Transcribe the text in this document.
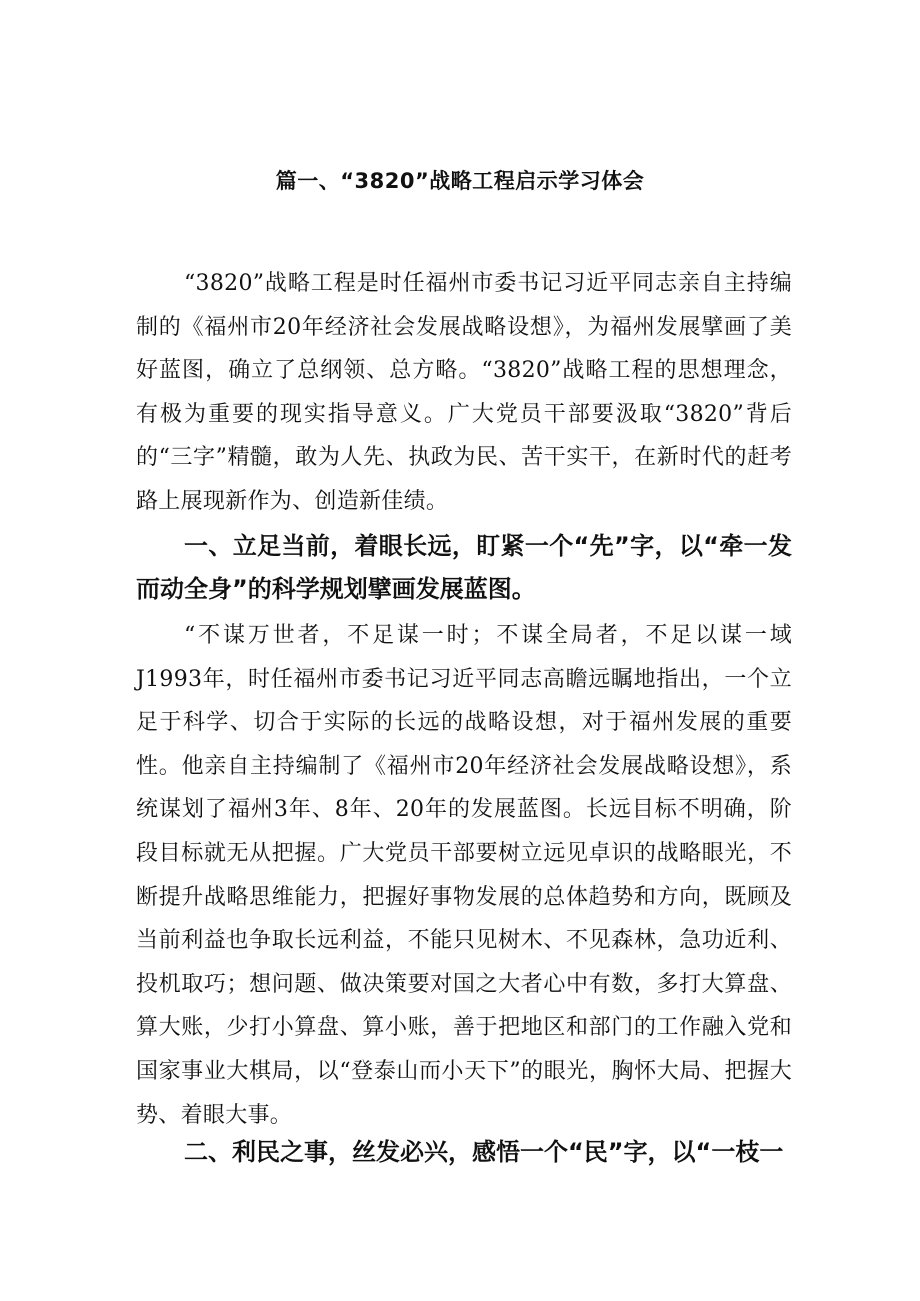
篇一、“3820”战略工程启示学习体会

“3820”战略工程是时任福州市委书记习近平同志亲自主持编制的《福州市20年经济社会发展战略设想》，为福州发展擘画了美好蓝图，确立了总纲领、总方略。“3820”战略工程的思想理念，有极为重要的现实指导意义。广大党员干部要汲取“3820”背后的“三字”精髓，敢为人先、执政为民、苦干实干，在新时代的赶考路上展现新作为、创造新佳绩。

一、立足当前，着眼长远，盯紧一个“先”字，以“牵一发而动全身”的科学规划擘画发展蓝图。

“不谋万世者，不足谋一时；不谋全局者，不足以谋一域J1993年，时任福州市委书记习近平同志高瞻远瞩地指出，一个立足于科学、切合于实际的长远的战略设想，对于福州发展的重要性。他亲自主持编制了《福州市20年经济社会发展战略设想》，系统谋划了福州3年、8年、20年的发展蓝图。长远目标不明确，阶段目标就无从把握。广大党员干部要树立远见卓识的战略眼光，不断提升战略思维能力，把握好事物发展的总体趋势和方向，既顾及当前利益也争取长远利益，不能只见树木、不见森林，急功近利、投机取巧；想问题、做决策要对国之大者心中有数，多打大算盘、算大账，少打小算盘、算小账，善于把地区和部门的工作融入党和国家事业大棋局，以“登泰山而小天下”的眼光，胸怀大局、把握大势、着眼大事。

二、利民之事，丝发必兴，感悟一个“民”字，以“一枝一
